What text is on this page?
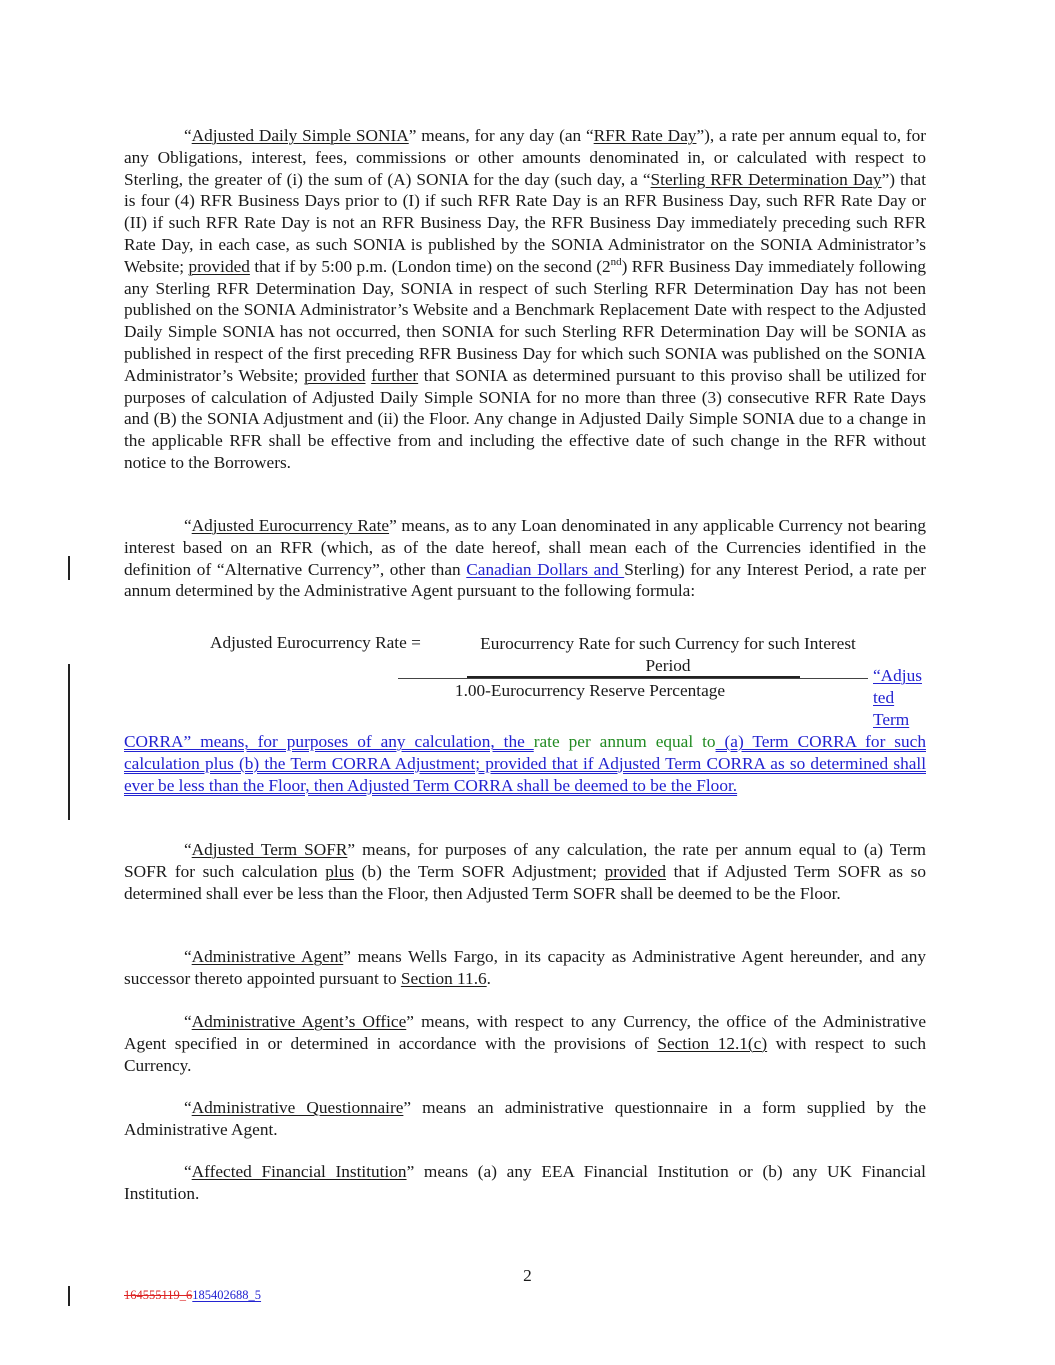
“Adjusted Daily Simple SONIA” means, for any day (an “RFR Rate Day”), a rate per annum equal to, for any Obligations, interest, fees, commissions or other amounts denominated in, or calculated with respect to Sterling, the greater of (i) the sum of (A) SONIA for the day (such day, a “Sterling RFR Determination Day”) that is four (4) RFR Business Days prior to (I) if such RFR Rate Day is an RFR Business Day, such RFR Rate Day or (II) if such RFR Rate Day is not an RFR Business Day, the RFR Business Day immediately preceding such RFR Rate Day, in each case, as such SONIA is published by the SONIA Administrator on the SONIA Administrator’s Website; provided that if by 5:00 p.m. (London time) on the second (2nd) RFR Business Day immediately following any Sterling RFR Determination Day, SONIA in respect of such Sterling RFR Determination Day has not been published on the SONIA Administrator’s Website and a Benchmark Replacement Date with respect to the Adjusted Daily Simple SONIA has not occurred, then SONIA for such Sterling RFR Determination Day will be SONIA as published in respect of the first preceding RFR Business Day for which such SONIA was published on the SONIA Administrator’s Website; provided further that SONIA as determined pursuant to this proviso shall be utilized for purposes of calculation of Adjusted Daily Simple SONIA for no more than three (3) consecutive RFR Rate Days and (B) the SONIA Adjustment and (ii) the Floor. Any change in Adjusted Daily Simple SONIA due to a change in the applicable RFR shall be effective from and including the effective date of such change in the RFR without notice to the Borrowers.

“Adjusted Eurocurrency Rate” means, as to any Loan denominated in any applicable Currency not bearing interest based on an RFR (which, as of the date hereof, shall mean each of the Currencies identified in the definition of “Alternative Currency”, other than Canadian Dollars and Sterling) for any Interest Period, a rate per annum determined by the Administrative Agent pursuant to the following formula:

Adjusted Eurocurrency Rate =	Eurocurrency Rate for such Currency for such Interest Period
1.00-Eurocurrency Reserve Percentage
“Adjus ted Term

CORRA” means, for purposes of any calculation, the rate per annum equal to (a) Term CORRA for such calculation plus (b) the Term CORRA Adjustment; provided that if Adjusted Term CORRA as so determined shall ever be less than the Floor, then Adjusted Term CORRA shall be deemed to be the Floor.

“Adjusted Term SOFR” means, for purposes of any calculation, the rate per annum equal to (a) Term SOFR for such calculation plus (b) the Term SOFR Adjustment; provided that if Adjusted Term SOFR as so determined shall ever be less than the Floor, then Adjusted Term SOFR shall be deemed to be the Floor.

“Administrative Agent” means Wells Fargo, in its capacity as Administrative Agent hereunder, and any successor thereto appointed pursuant to Section 11.6.

“Administrative Agent’s Office” means, with respect to any Currency, the office of the Administrative Agent specified in or determined in accordance with the provisions of Section 12.1(c) with respect to such Currency.

“Administrative Questionnaire” means an administrative questionnaire in a form supplied by the Administrative Agent.

“Affected Financial Institution” means (a) any EEA Financial Institution or (b) any UK Financial Institution.

2
164555119_6185402688_5
